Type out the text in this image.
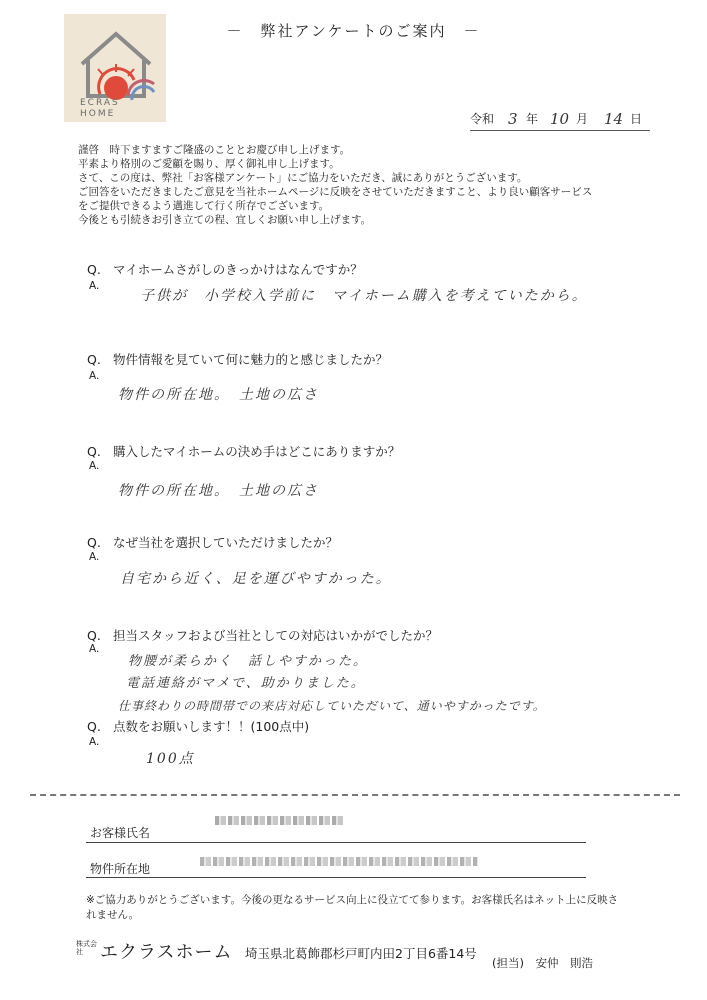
－　弊社アンケートのご案内　－
ECRAS
HOME	令和 3 年 10 月 14 日
謹啓　時下ますますご隆盛のこととお慶び申し上げます。
平素より格別のご愛顧を賜り、厚く御礼申し上げます。
さて、この度は、弊社「お客様アンケート」にご協力をいただき、誠にありがとうございます。
ご回答をいただきましたご意見を当社ホームページに反映をさせていただきますこと、より良い顧客サービス
をご提供できるよう邁進して行く所存でございます。
今後とも引続きお引き立ての程、宜しくお願い申し上げます。
Q. マイホームさがしのきっかけはなんですか？
A.
子供が　小学校入学前に　マイホーム購入を考えていたから。
Q. 物件情報を見ていて何に魅力的と感じましたか？
A.
物件の所在地。　土地の広さ
Q. 購入したマイホームの決め手はどこにありますか？
A.
物件の所在地。　土地の広さ
Q. なぜ当社を選択していただけましたか？
A.
自宅から近く、足を運びやすかった。
Q. 担当スタッフおよび当社としての対応はいかがでしたか？
A.
物腰が柔らかく　話しやすかった。
電話連絡がマメで、助かりました。
仕事終わりの時間帯での来店対応していただいて、通いやすかったです。
Q. 点数をお願いします！！(100点中)
A.
100点
お客様氏名
物件所在地
※ご協力ありがとうございます。今後の更なるサービス向上に役立てて参ります。お客様氏名はネット上に反映されません。
株式会社 エクラスホーム 埼玉県北葛飾郡杉戸町内田2丁目6番14号
(担当)　安仲　則浩
